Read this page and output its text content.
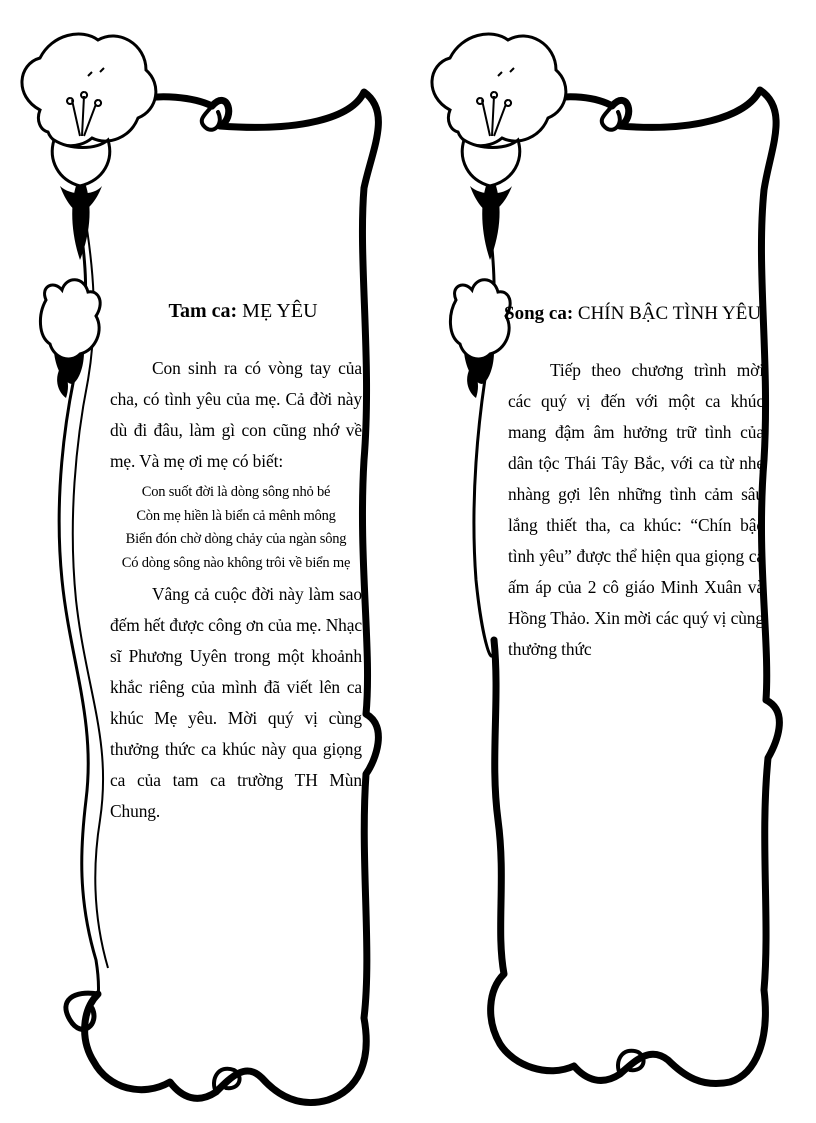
Tam ca: MẸ YÊU

Con sinh ra có vòng tay của cha, có tình yêu của mẹ. Cả đời này dù đi đâu, làm gì con cũng nhớ về mẹ. Và mẹ ơi mẹ có biết:

Con suốt đời là dòng sông nhỏ bé
Còn mẹ hiền là biển cả mênh mông
Biển đón chờ dòng chảy của ngàn sông
Có dòng sông nào không trôi về biển mẹ

Vâng cả cuộc đời này làm sao đếm hết được công ơn của mẹ. Nhạc sĩ Phương Uyên trong một khoảnh khắc riêng của mình đã viết lên ca khúc Mẹ yêu. Mời quý vị cùng thưởng thức ca khúc này qua giọng ca của tam ca trường TH Mùn Chung.

Song ca: CHÍN BẬC TÌNH YÊU

Tiếp theo chương trình mời các quý vị đến với một ca khúc mang đậm âm hưởng trữ tình của dân tộc Thái Tây Bắc, với ca từ nhẹ nhàng gợi lên những tình cảm sâu lắng thiết tha, ca khúc: “Chín bậc tình yêu” được thể hiện qua giọng ca ấm áp của 2 cô giáo Minh Xuân và Hồng Thảo. Xin mời các quý vị cùng thưởng thức
